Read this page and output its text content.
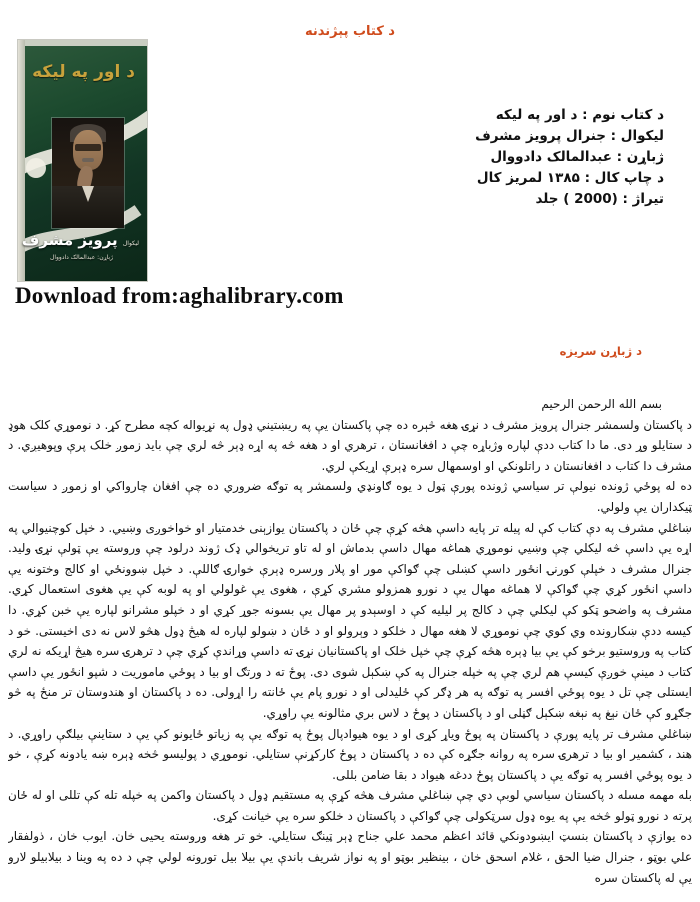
د کتاب پېژندنه
د اور په ليکه
ليکوال پرويز مشرف
ژباړن: عبدالمالک دادووال
د کتاب نوم : د اور په ليکه
ليکوال : جنرال پرويز مشرف
ژباړن : عبدالمالک دادووال
د چاپ کال : ۱۳۸۵ لمريز کال
تيراژ : (2000 ) جلد
Download from:aghalibrary.com
د ژباړن سريزه

بسم الله الرحمن الرحيم

د پاکستان ولسمشر جنرال پرويز مشرف د نړۍ هغه څېره ده چې پاکستان يې په ريښتيني ډول په نړيواله کچه مطرح کړ. د نوموړي کلک هوډ د ستايلو وړ دی. ما دا کتاب ددې لپاره وژباړه چې د افغانستان ، ترهري او د هغه څه په اړه ډېر څه لري چې بايد زموږ خلک پرې وپوهيږي. د مشرف دا کتاب د افغانستان د راتلونکي او اوسمهال سره ډېرې اړيکې لري.

ده له پوځي ژونده نيولې تر سياسي ژونده پورې ټول د يوه ګاونډي ولسمشر په توګه ضروري ده چې افغان چارواکي او زموږ د سياست ټيکداران يې ولولي.

ښاغلي مشرف په دې کتاب کې له پيله تر پايه داسې هڅه کړې چې ځان د پاکستان يوازېنی خدمتيار او خواخوږی وښيي. د خپل کوچنيوالي په اړه يې داسې څه ليکلي چې وښيي نوموړي هماغه مهال داسې بدماش او له تاو تريخوالي ډک ژوند درلود چې وروسته يې ټولې نړۍ وليد. جنرال مشرف د خپلې کورنۍ انځور داسې کښلی چې ګواکې مور او پلار ورسره ډېرې خوارۍ ګاللې. د خپل ښوونځي او کالج وختونه يې داسې انځور کړي چې ګواکې لا هماغه مهال يې د نورو همزولو مشري کړې ، هغوی يې غولولي او په لوبه کې يې هغوی استعمال کړي. مشرف په واضحو ټکو کې ليکلي چې د کالج پر ليليه کې د اوسېدو پر مهال يې بسونه جوړ کړي او د خپلو مشرانو لپاره يې خبن کړي. دا کيسه ددې ښکارونده وي کوي چې نوموړي لا هغه مهال د خلکو د وېرولو او د ځان د ښولو لپاره له هيڅ ډول هڅو لاس نه دی اخيستی. خو د کتاب په وروستيو برخو کې يې بيا ډېره هڅه کړې چې خپل خلک او پاکستانيان نړۍ ته داسې وړاندې کړي چې د ترهرۍ سره هيڅ اړيکه نه لري

کتاب د مينې خوږې کيسې هم لري چې په خپله جنرال په کې ښکېل شوی دی. پوځ ته د ورتګ او بيا د پوځي ماموريت د شپو انځور يې داسې ايستلی چې تل د يوه پوځي افسر په توګه په هر ډګر کې ځليدلی او د نورو پام يې ځانته را اړولی. ده د پاکستان او هندوستان تر منځ په څو جګړو کې ځان نېغ په نېغه ښکېل ګڼلی او د پاکستان د پوځ د لاس بري مثالونه يې راوړي.

ښاغلي مشرف تر پايه پورې د پاکستان په پوځ وياړ کړی او د يوه هيوادپال پوځ په توګه يې په زياتو ځايونو کې يې د ستاينې بيلګې راوړي. د هند ، کشمير او بيا د ترهرۍ سره په روانه جګړه کې ده د پاکستان د پوځ کارکړنې ستايلي. نوموړي د پوليسو څخه ډېره ښه يادونه کړې ، خو د يوه پوځي افسر په توګه يې د پاکستان پوځ ددغه هيواد د بقا ضامن بللی.

بله مهمه مسله د پاکستان سياسي لوبې دي چې ښاغلي مشرف هڅه کړې په مستقيم ډول د پاکستان واکمن په خپله تله کې تللی او له ځان پرته د نورو ټولو څخه يې په يوه ډول سرټکولی چې ګواکې د پاکستان د خلکو سره يې خيانت کړی.

ده يوازې د پاکستان بنسټ ايښودونکي قائد اعظم محمد علي جناح ډېر ټينګ ستايلي. خو تر هغه وروسته يحيی خان. ايوب خان ، ذولفقار علي بوټو ، جنرال ضيا الحق ، غلام اسحق خان ، بينظير بوټو او په نواز شريف باندې يې بيلا بيل تورونه لولي چې د ده په وينا د بيلابيلو لارو يې له پاکستان سره
